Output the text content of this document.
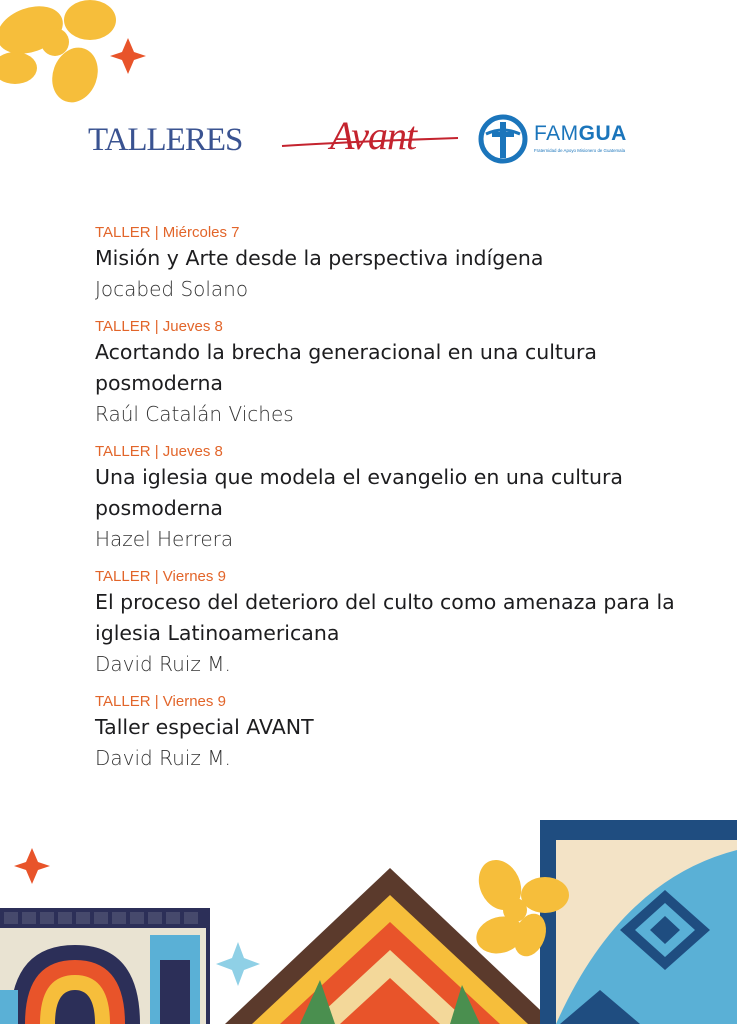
TALLERES Avant	FAMGUA
Fraternidad de Apoyo Misionero de Guatemala
TALLER | Miércoles 7
Misión y Arte desde la perspectiva indígena
Jocabed Solano
TALLER | Jueves 8
Acortando la brecha generacional en una cultura posmoderna
Raúl Catalán Viches
TALLER | Jueves 8
Una iglesia que modela el evangelio en una cultura posmoderna
Hazel Herrera
TALLER | Viernes 9
El proceso del deterioro del culto como amenaza para la iglesia Latinoamericana
David Ruiz M.
TALLER | Viernes 9
Taller especial AVANT
David Ruiz M.
